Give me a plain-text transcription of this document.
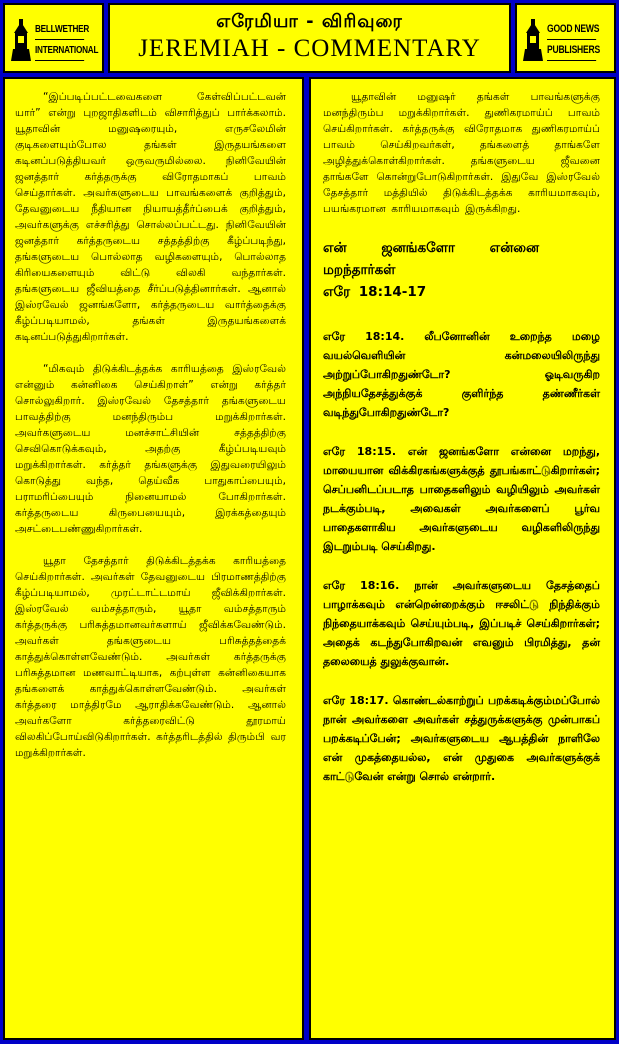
BELLWETHER
INTERNATIONAL
எரேமியா - விரிவுரை
JEREMIAH - COMMENTARY
GOOD NEWS
PUBLISHERS

“இப்படிப்பட்டவைகளை கேள்விப்பட்டவன் யார்” என்று புறஜாதிகளிடம் விசாரித்துப் பார்க்கலாம். யூதாவின் மனுஷரையும், எருசலேமின் குடிகளையும்போல தங்கள் இருதயங்களை கடினப்படுத்தியவர் ஒருவருமில்லை. நினிவேயின் ஜனத்தார் கர்த்தருக்கு விரோதமாகப் பாவம் செய்தார்கள். அவர்களுடைய பாவங்களைக் குறித்தும், தேவனுடைய நீதியான நியாயத்தீர்ப்பைக் குறித்தும், அவர்களுக்கு எச்சரித்து சொல்லப்பட்டது. நினிவேயின் ஜனத்தார் கர்த்தருடைய சத்தத்திற்கு கீழ்ப்படிந்து, தங்களுடைய பொல்லாத வழிகளையும், பொல்லாத கிரியைகளையும் விட்டு விலகி வந்தார்கள். தங்களுடைய ஜீவியத்தை சீர்ப்படுத்தினார்கள். ஆனால் இஸ்ரவேல் ஜனங்களோ, கர்த்தருடைய வார்த்தைக்கு கீழ்ப்படியாமல், தங்கள் இருதயங்களைக் கடினப்படுத்துகிறார்கள்.

“மிகவும் திடுக்கிடத்தக்க காரியத்தை இஸ்ரவேல் என்னும் கன்னிகை செய்கிறாள்” என்று கர்த்தர் சொல்லுகிறார். இஸ்ரவேல் தேசத்தார் தங்களுடைய பாவத்திற்கு மனந்திரும்ப மறுக்கிறார்கள். அவர்களுடைய மனச்சாட்சியின் சத்தத்திற்கு செவிகொடுக்கவும், அதற்கு கீழ்ப்படியவும் மறுக்கிறார்கள். கர்த்தர் தங்களுக்கு இதுவரையிலும் கொடுத்து வந்த, தெய்வீக பாதுகாப்பையும், பராமரிப்பையும் நினையாமல் போகிறார்கள். கர்த்தருடைய கிருபையையும், இரக்கத்தையும் அசட்டைபண்ணுகிறார்கள்.

யூதா தேசத்தார் திடுக்கிடத்தக்க காரியத்தை செய்கிறார்கள். அவர்கள் தேவனுடைய பிரமாணத்திற்கு கீழ்ப்படியாமல், முரட்டாட்டமாய் ஜீவிக்கிறார்கள். இஸ்ரவேல் வம்சத்தாரும், யூதா வம்சத்தாரும் கர்த்தருக்கு பரிசுத்தமானவர்களாய் ஜீவிக்கவேண்டும். அவர்கள் தங்களுடைய பரிசுத்தத்தைக் காத்துக்கொள்ளவேண்டும். அவர்கள் கர்த்தருக்கு பரிசுத்தமான மணவாட்டியாக, கற்புள்ள கன்னிகையாக தங்களைக் காத்துக்கொள்ளவேண்டும். அவர்கள் கர்த்தரை மாத்திரமே ஆராதிக்கவேண்டும். ஆனால் அவர்களோ கர்த்தரைவிட்டு தூரமாய் விலகிப்போய்விடுகிறார்கள். கர்த்தரிடத்தில் திரும்பி வர மறுக்கிறார்கள்.

யூதாவின் மனுஷர் தங்கள் பாவங்களுக்கு மனந்திரும்ப மறுக்கிறார்கள். துணிகரமாய்ப் பாவம் செய்கிறார்கள். கர்த்தருக்கு விரோதமாக துணிகரமாய்ப் பாவம் செய்கிறவர்கள், தங்களைத் தாங்களே அழித்துக்கொள்கிறார்கள். தங்களுடைய ஜீவனை தாங்களே கொன்றுபோடுகிறார்கள். இதுவே இஸ்ரவேல் தேசத்தார் மத்தியில் திடுக்கிடத்தக்க காரியமாகவும், பயங்கரமான காரியமாகவும் இருக்கிறது.

என் ஜனங்களோ என்னை மறந்தார்கள்
எரே 18:14-17

எரே 18:14. லீபனோனின் உறைந்த மழை வயல்வெளியின் கன்மலையிலிருந்து அற்றுப்போகிறதுண்டோ? ஓடிவருகிற அந்நியதேசத்துக்குக் குளிர்ந்த தண்ணீர்கள் வடிந்துபோகிறதுண்டோ?

எரே 18:15. என் ஜனங்களோ என்னை மறந்து, மாயையான விக்கிரகங்களுக்குத் தூபங்காட்டுகிறார்கள்; செப்பனிடப்படாத பாதைகளிலும் வழியிலும் அவர்கள் நடக்கும்படி, அவைகள் அவர்களைப் பூர்வ பாதைகளாகிய அவர்களுடைய வழிகளிலிருந்து இடறும்படி செய்கிறது.

எரே 18:16. நான் அவர்களுடைய தேசத்தைப் பாழாக்கவும் என்றென்றைக்கும் ஈசலிட்டு நிந்திக்கும் நிந்தையாக்கவும் செய்யும்படி, இப்படிச் செய்கிறார்கள்; அதைக் கடந்துபோகிறவன் எவனும் பிரமித்து, தன் தலையைத் துலுக்குவான்.

எரே 18:17. கொண்டல்காற்றுப் பறக்கடிக்கும்மப்போல் நான் அவர்களை அவர்கள் சத்துருக்களுக்கு முன்பாகப் பறக்கடிப்பேன்; அவர்களுடைய ஆபத்தின் நாளிலே என் முகத்தையல்ல, என் முதுகை அவர்களுக்குக் காட்டுவேன் என்று சொல் என்றார்.
